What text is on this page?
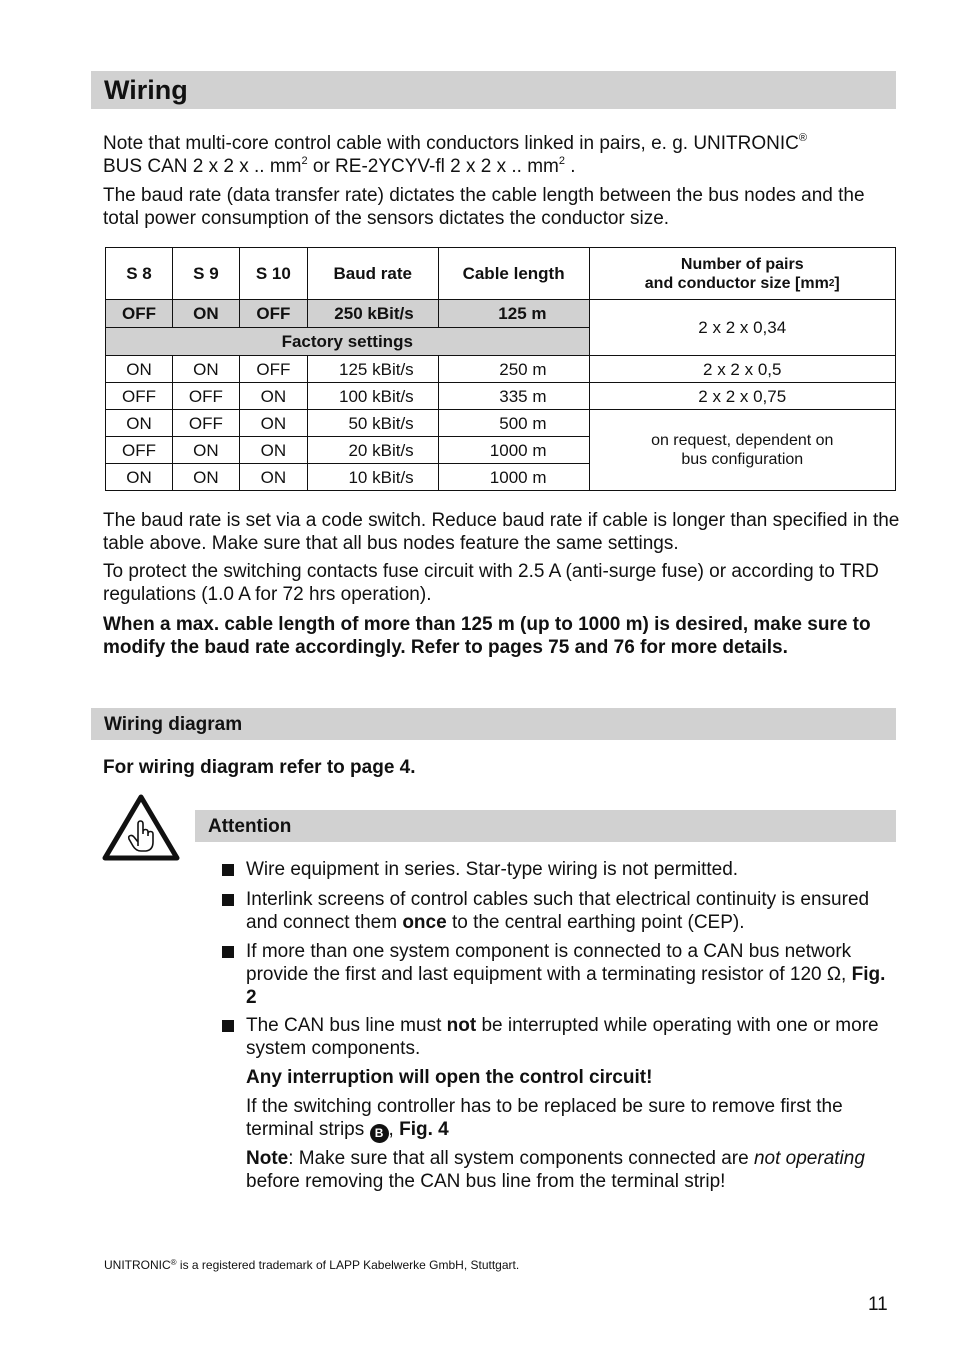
Wiring
Note that multi-core control cable with conductors linked in pairs, e. g. UNITRONIC®
BUS CAN 2 x 2 x .. $mm^2$ or RE-2YCYV-fl 2 x 2 x .. $mm^2$ .
The baud rate (data transfer rate) dictates the cable length between the bus nodes and the total power consumption of the sensors dictates the conductor size.
S 8	S 9	S 10	Baud rate	Cable length	Number of pairs
and conductor size $[mm^2]$
OFF	ON	OFF	250 kBit/s	125 m	2 x 2 x 0,34
Factory settings					
ON	ON	OFF	125 kBit/s	250 m	2 x 2 x 0,5
OFF	OFF	ON	100 kBit/s	335 m	2 x 2 x 0,75
ON	OFF	ON	50 kBit/s	500 m	on request, dependent on
bus configuration
OFF	ON	ON	20 kBit/s	1000 m	
ON	ON	ON	10 kBit/s	1000 m	
The baud rate is set via a code switch. Reduce baud rate if cable is longer than specified in the table above. Make sure that all bus nodes feature the same settings.
To protect the switching contacts fuse circuit with 2.5 A (anti-surge fuse) or according to TRD regulations (1.0 A for 72 hrs operation).
When a max. cable length of more than 125 m (up to 1000 m) is desired, make sure to modify the baud rate accordingly. Refer to pages 75 and 76 for more details.
Wiring diagram
For wiring diagram refer to page 4.
Attention
Wire equipment in series. Star-type wiring is not permitted.
Interlink screens of control cables such that electrical continuity is ensured and connect them once to the central earthing point (CEP).
If more than one system component is connected to a CAN bus network provide the first and last equipment with a terminating resistor of 120 Ω, Fig. 2
The CAN bus line must not be interrupted while operating with one or more system components.
Any interruption will open the control circuit!
If the switching controller has to be replaced be sure to remove first the terminal strips B , Fig. 4
Note: Make sure that all system components connected are not operating before removing the CAN bus line from the terminal strip!
UNITRONIC® is a registered trademark of LAPP Kabelwerke GmbH, Stuttgart.
11
